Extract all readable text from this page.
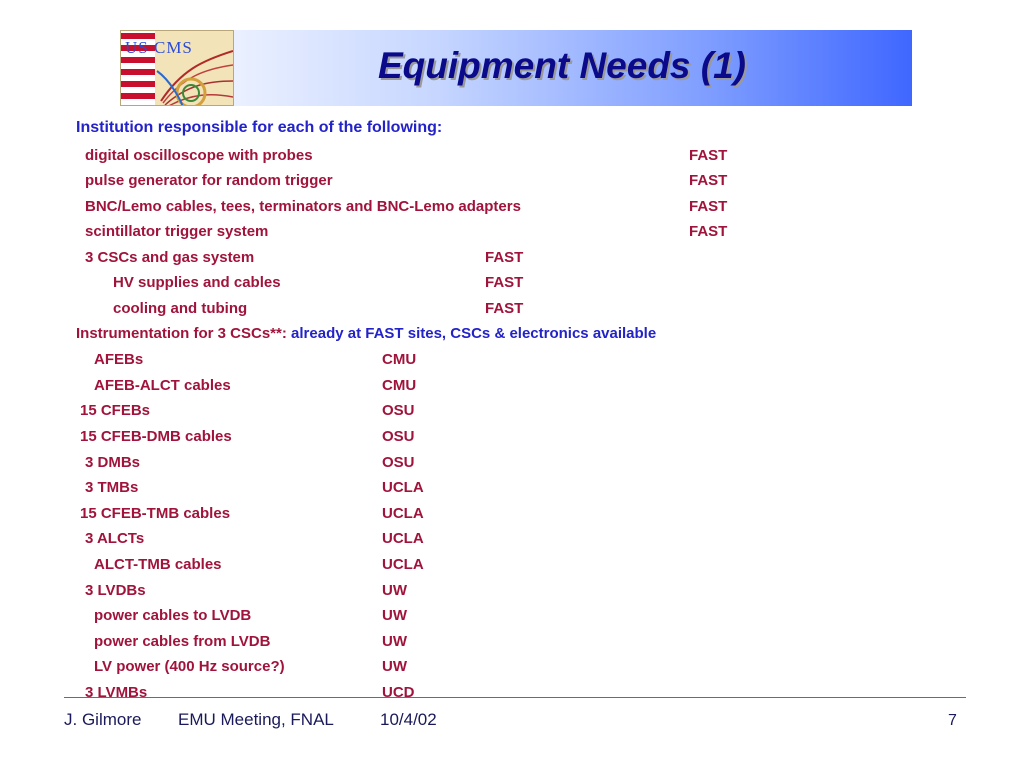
US CMS	Equipment Needs (1)
Institution responsible for each of the following:
digital oscilloscope with probes	FAST
pulse generator for random trigger	FAST
BNC/Lemo cables, tees, terminators and BNC-Lemo adapters	FAST
scintillator trigger system	FAST
3 CSCs and gas system	FAST
HV supplies and cables	FAST
cooling and tubing	FAST
Instrumentation for 3 CSCs**: already at FAST sites, CSCs & electronics available
AFEBs	CMU
AFEB-ALCT cables	CMU
15 CFEBs	OSU
15 CFEB-DMB cables	OSU
3 DMBs	OSU
3 TMBs	UCLA
15 CFEB-TMB cables	UCLA
3 ALCTs	UCLA
ALCT-TMB cables	UCLA
3 LVDBs	UW
power cables to LVDB	UW
power cables from LVDB	UW
LV power (400 Hz source?)	UW
3 LVMBs	UCD
J. Gilmore EMU Meeting, FNAL	10/4/02	7
